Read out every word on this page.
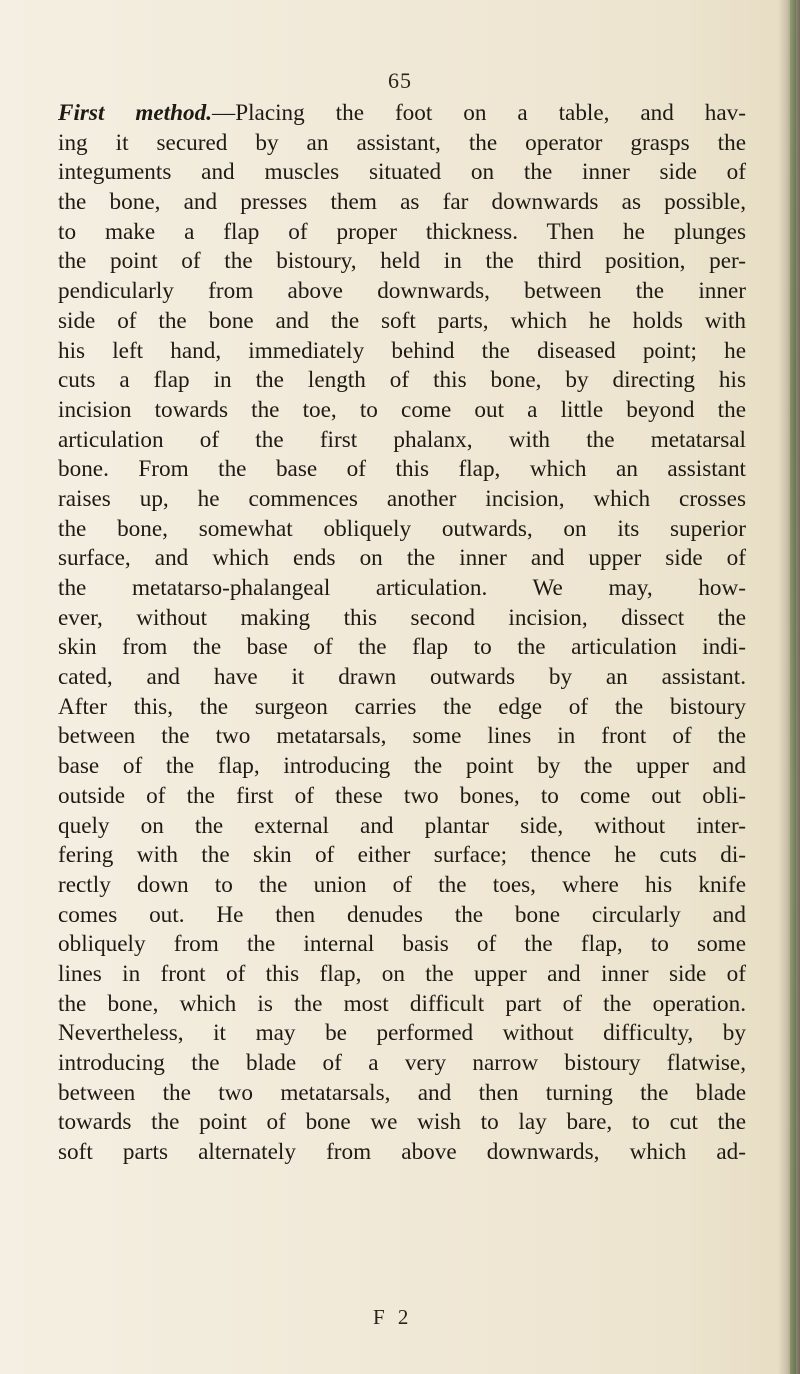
65
First method.—Placing the foot on a table, and hav-
ing it secured by an assistant, the operator grasps the
integuments and muscles situated on the inner side of
the bone, and presses them as far downwards as possible,
to make a flap of proper thickness. Then he plunges
the point of the bistoury, held in the third position, per-
pendicularly from above downwards, between the inner
side of the bone and the soft parts, which he holds with
his left hand, immediately behind the diseased point; he
cuts a flap in the length of this bone, by directing his
incision towards the toe, to come out a little beyond the
articulation of the first phalanx, with the metatarsal
bone. From the base of this flap, which an assistant
raises up, he commences another incision, which crosses
the bone, somewhat obliquely outwards, on its superior
surface, and which ends on the inner and upper side of
the metatarso-phalangeal articulation. We may, how-
ever, without making this second incision, dissect the
skin from the base of the flap to the articulation indi-
cated, and have it drawn outwards by an assistant.
After this, the surgeon carries the edge of the bistoury
between the two metatarsals, some lines in front of the
base of the flap, introducing the point by the upper and
outside of the first of these two bones, to come out obli-
quely on the external and plantar side, without inter-
fering with the skin of either surface; thence he cuts di-
rectly down to the union of the toes, where his knife
comes out. He then denudes the bone circularly and
obliquely from the internal basis of the flap, to some
lines in front of this flap, on the upper and inner side of
the bone, which is the most difficult part of the operation.
Nevertheless, it may be performed without difficulty, by
introducing the blade of a very narrow bistoury flatwise,
between the two metatarsals, and then turning the blade
towards the point of bone we wish to lay bare, to cut the
soft parts alternately from above downwards, which ad-
F 2
